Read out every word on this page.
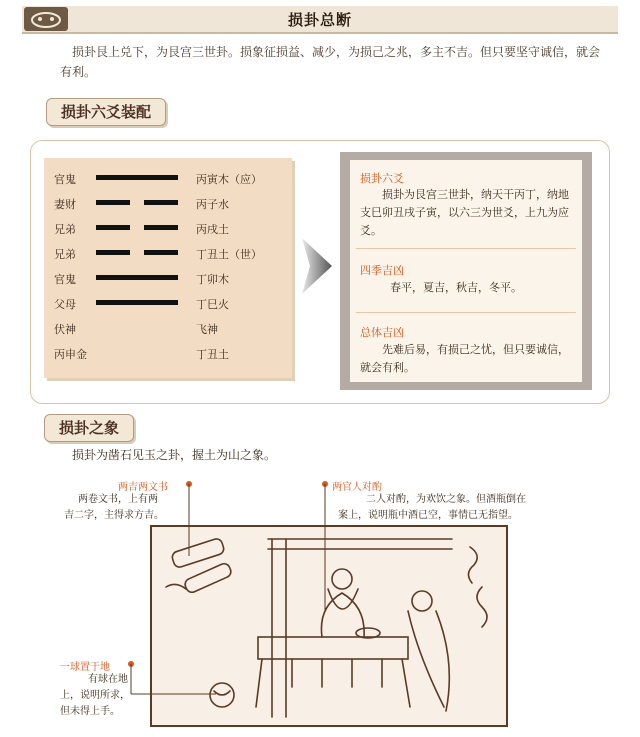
损卦总断
损卦艮上兑下，为艮宫三世卦。损象征损益、减少，为损己之兆，多主不吉。但只要坚守诚信，就会有利。
损卦六爻装配
官鬼	丙寅木（应）
妻财	丙子水
兄弟	丙戌土
兄弟	丁丑土（世）
官鬼	丁卯木
父母	丁巳火
伏神	飞神
丙申金	丁丑土
损卦六爻
损卦为艮宫三世卦，纳天干丙丁，纳地支巳卯丑戌子寅，以六三为世爻，上九为应爻。
四季吉凶
春平，夏吉，秋吉，冬平。
总体吉凶
先难后易，有损己之忧，但只要诚信，就会有利。
损卦之象
损卦为凿石见玉之卦，握土为山之象。
两吉两文书
两卷文书，上有两
吉二字，主得求方吉。
两官人对酌
二人对酌，为欢饮之象。但酒瓶倒在
案上，说明瓶中酒已空，事情已无指望。
一球置于地
有球在地
上，说明所求，
但未得上手。
